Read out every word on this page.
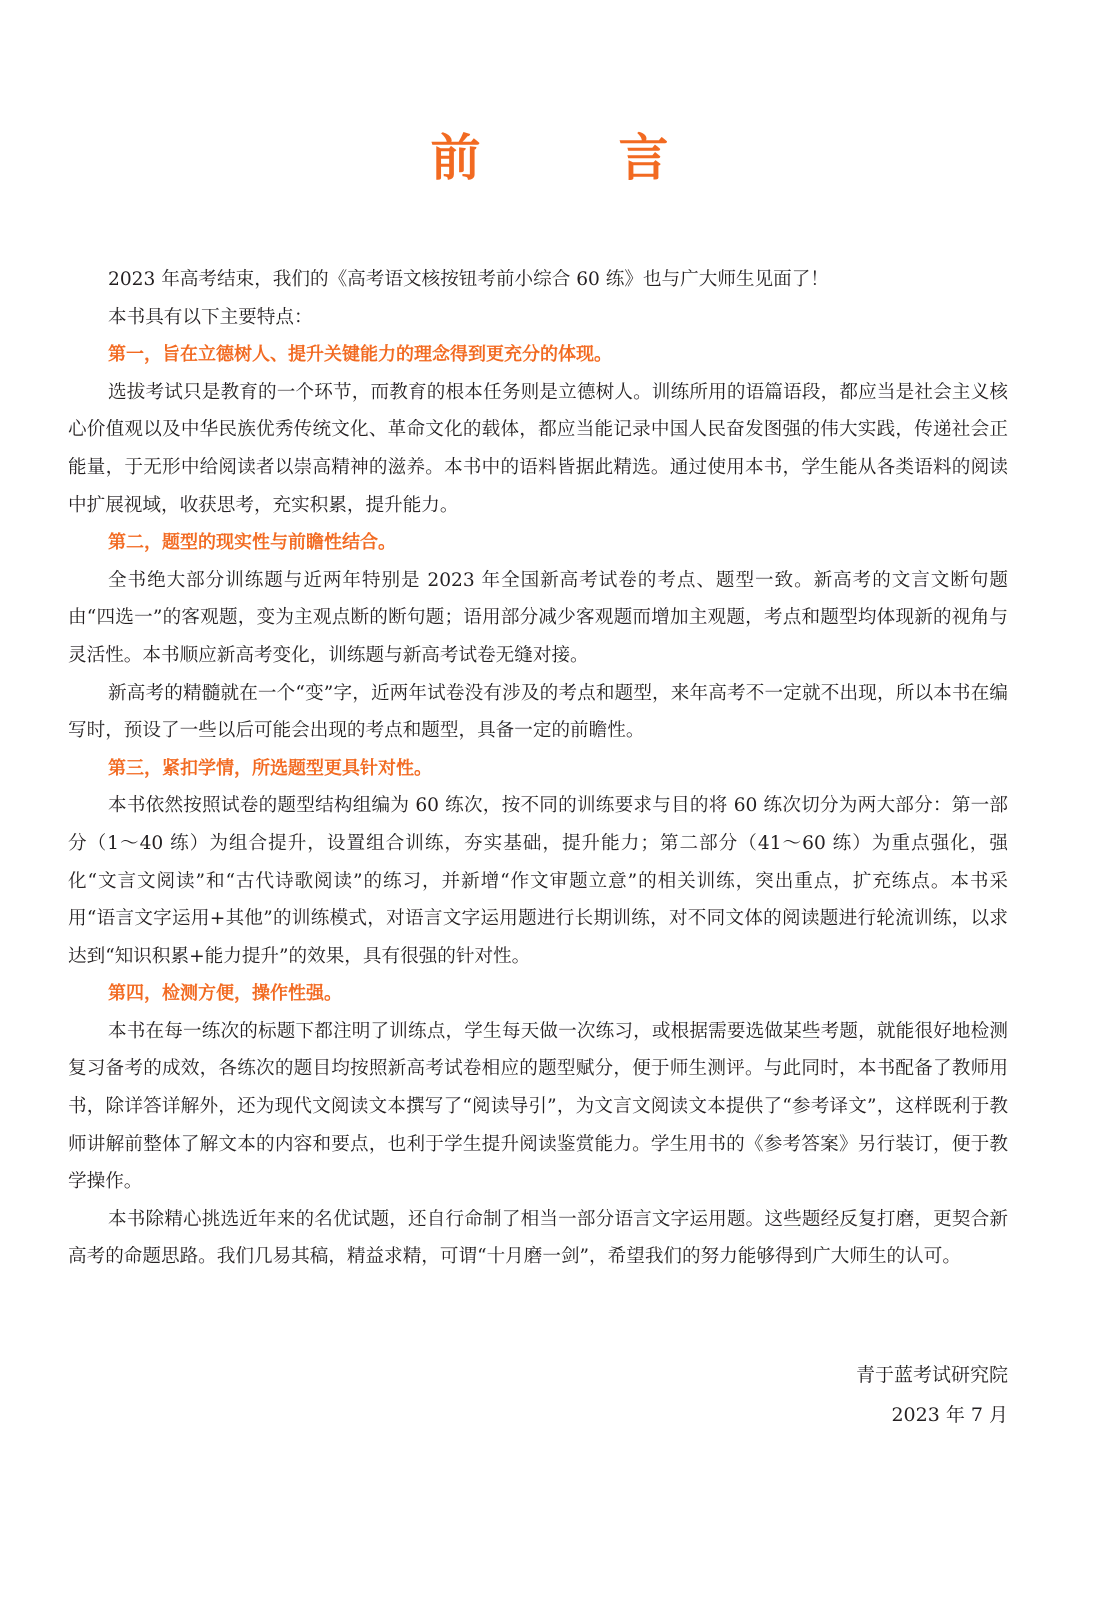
前	言

2023 年高考结束，我们的《高考语文核按钮考前小综合 60 练》也与广大师生见面了！

本书具有以下主要特点：

第一，旨在立德树人、提升关键能力的理念得到更充分的体现。

选拔考试只是教育的一个环节，而教育的根本任务则是立德树人。训练所用的语篇语段，都应当是社会主义核心价值观以及中华民族优秀传统文化、革命文化的载体，都应当能记录中国人民奋发图强的伟大实践，传递社会正能量，于无形中给阅读者以崇高精神的滋养。本书中的语料皆据此精选。通过使用本书，学生能从各类语料的阅读中扩展视域，收获思考，充实积累，提升能力。

第二，题型的现实性与前瞻性结合。

全书绝大部分训练题与近两年特别是 2023 年全国新高考试卷的考点、题型一致。新高考的文言文断句题由“四选一”的客观题，变为主观点断的断句题；语用部分减少客观题而增加主观题，考点和题型均体现新的视角与灵活性。本书顺应新高考变化，训练题与新高考试卷无缝对接。

新高考的精髓就在一个“变”字，近两年试卷没有涉及的考点和题型，来年高考不一定就不出现，所以本书在编写时，预设了一些以后可能会出现的考点和题型，具备一定的前瞻性。

第三，紧扣学情，所选题型更具针对性。

本书依然按照试卷的题型结构组编为 60 练次，按不同的训练要求与目的将 60 练次切分为两大部分：第一部分（1～40 练）为组合提升，设置组合训练，夯实基础，提升能力；第二部分（41～60 练）为重点强化，强化“文言文阅读”和“古代诗歌阅读”的练习，并新增“作文审题立意”的相关训练，突出重点，扩充练点。本书采用“语言文字运用+其他”的训练模式，对语言文字运用题进行长期训练，对不同文体的阅读题进行轮流训练，以求达到“知识积累+能力提升”的效果，具有很强的针对性。

第四，检测方便，操作性强。

本书在每一练次的标题下都注明了训练点，学生每天做一次练习，或根据需要选做某些考题，就能很好地检测复习备考的成效，各练次的题目均按照新高考试卷相应的题型赋分，便于师生测评。与此同时，本书配备了教师用书，除详答详解外，还为现代文阅读文本撰写了“阅读导引”，为文言文阅读文本提供了“参考译文”，这样既利于教师讲解前整体了解文本的内容和要点，也利于学生提升阅读鉴赏能力。学生用书的《参考答案》另行装订，便于教学操作。

本书除精心挑选近年来的名优试题，还自行命制了相当一部分语言文字运用题。这些题经反复打磨，更契合新高考的命题思路。我们几易其稿，精益求精，可谓“十月磨一剑”，希望我们的努力能够得到广大师生的认可。

青于蓝考试研究院
2023 年 7 月
